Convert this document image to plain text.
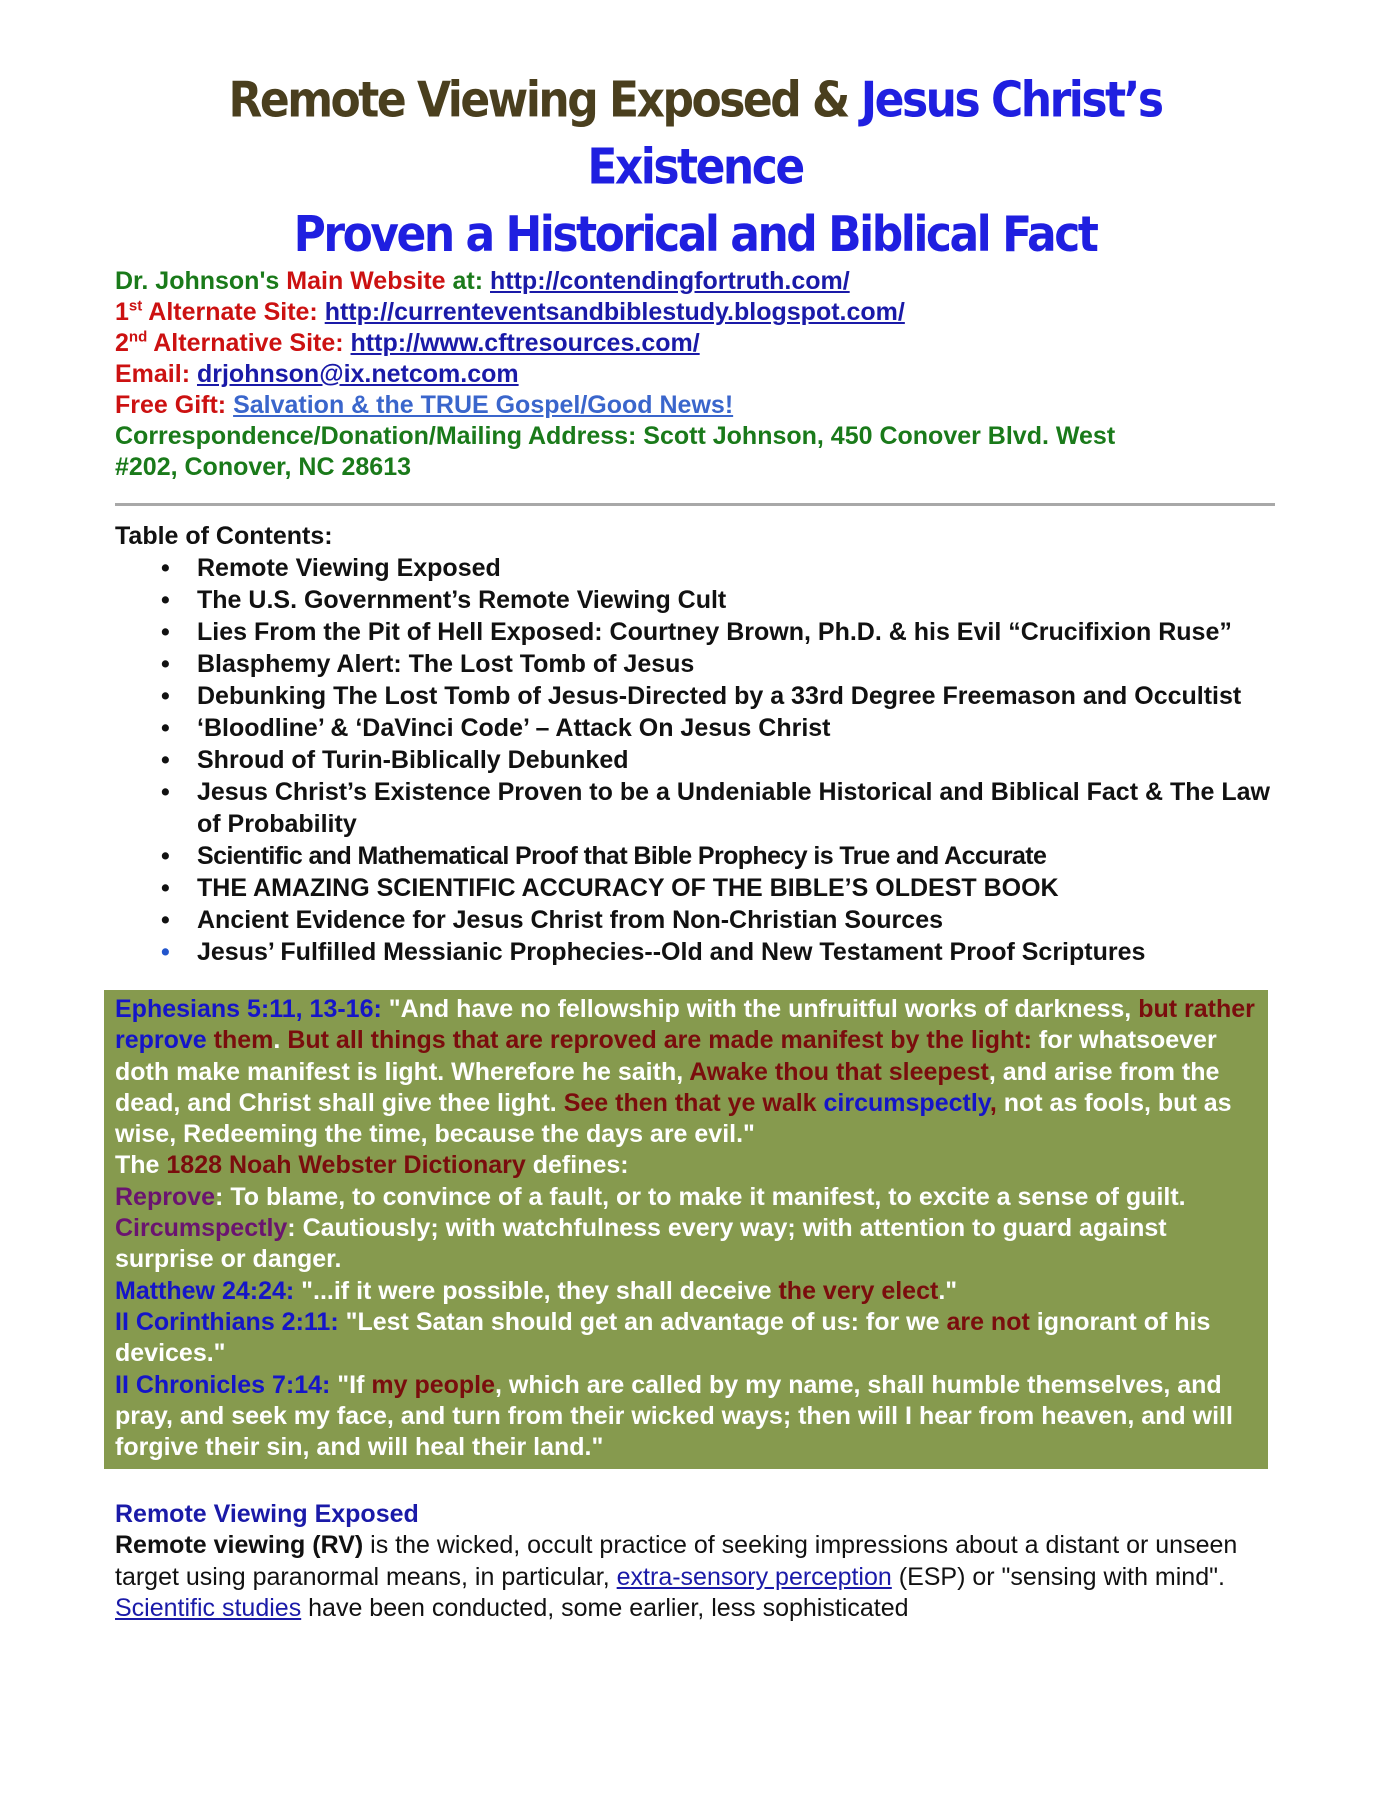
Remote Viewing Exposed & Jesus Christ’s Existence
Proven a Historical and Biblical Fact
Dr. Johnson's Main Website at: http://contendingfortruth.com/
1st Alternate Site: http://currenteventsandbiblestudy.blogspot.com/
2nd Alternative Site: http://www.cftresources.com/
Email: drjohnson@ix.netcom.com
Free Gift: Salvation & the TRUE Gospel/Good News!
Correspondence/Donation/Mailing Address: Scott Johnson, 450 Conover Blvd. West
#202, Conover, NC 28613
Table of Contents:
• Remote Viewing Exposed
• The U.S. Government’s Remote Viewing Cult
• Lies From the Pit of Hell Exposed: Courtney Brown, Ph.D. & his Evil “Crucifixion Ruse”
• Blasphemy Alert: The Lost Tomb of Jesus
• Debunking The Lost Tomb of Jesus-Directed by a 33rd Degree Freemason and Occultist
• ‘Bloodline’ & ‘DaVinci Code’ – Attack On Jesus Christ
• Shroud of Turin-Biblically Debunked
• Jesus Christ’s Existence Proven to be a Undeniable Historical and Biblical Fact & The Law of Probability
• Scientific and Mathematical Proof that Bible Prophecy is True and Accurate
• THE AMAZING SCIENTIFIC ACCURACY OF THE BIBLE’S OLDEST BOOK
• Ancient Evidence for Jesus Christ from Non-Christian Sources
• Jesus’ Fulfilled Messianic Prophecies--Old and New Testament Proof Scriptures
Ephesians 5:11, 13-16: "And have no fellowship with the unfruitful works of darkness, but rather reprove them. But all things that are reproved are made manifest by the light: for whatsoever doth make manifest is light. Wherefore he saith, Awake thou that sleepest, and arise from the dead, and Christ shall give thee light. See then that ye walk circumspectly, not as fools, but as wise, Redeeming the time, because the days are evil."
The 1828 Noah Webster Dictionary defines:
Reprove: To blame, to convince of a fault, or to make it manifest, to excite a sense of guilt.
Circumspectly: Cautiously; with watchfulness every way; with attention to guard against surprise or danger.
Matthew 24:24: "...if it were possible, they shall deceive the very elect."
II Corinthians 2:11: "Lest Satan should get an advantage of us: for we are not ignorant of his devices."
II Chronicles 7:14: "If my people, which are called by my name, shall humble themselves, and pray, and seek my face, and turn from their wicked ways; then will I hear from heaven, and will forgive their sin, and will heal their land."
Remote Viewing Exposed
Remote viewing (RV) is the wicked, occult practice of seeking impressions about a distant or unseen target using paranormal means, in particular, extra-sensory perception (ESP) or "sensing with mind". Scientific studies have been conducted, some earlier, less sophisticated
